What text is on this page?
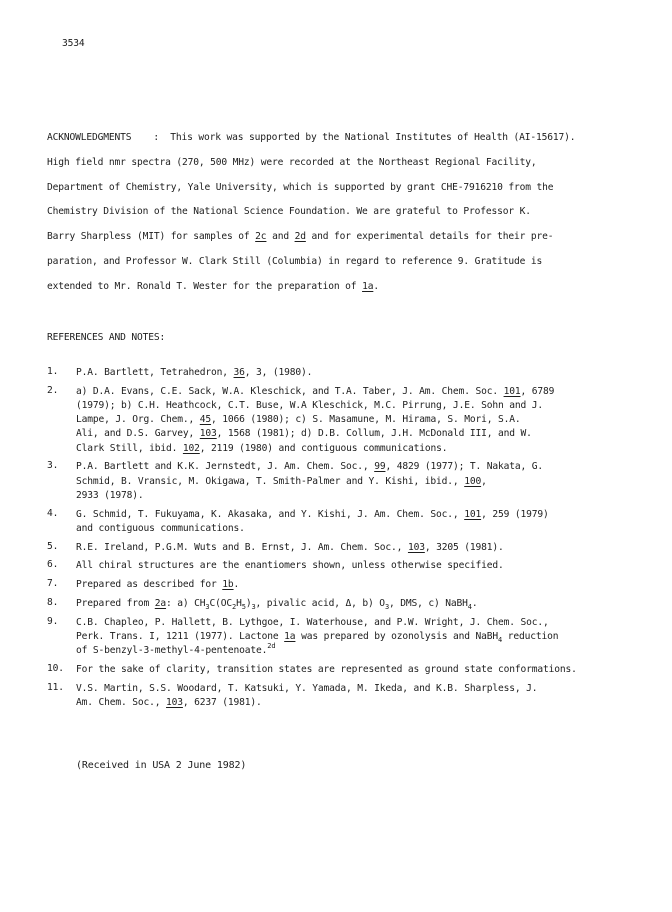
3534
ACKNOWLEDGMENTS : This work was supported by the National Institutes of Health (AI-15617).
High field nmr spectra (270, 500 MHz) were recorded at the Northeast Regional Facility,
Department of Chemistry, Yale University, which is supported by grant CHE-7916210 from the
Chemistry Division of the National Science Foundation. We are grateful to Professor K.
Barry Sharpless (MIT) for samples of 2c and 2d and for experimental details for their pre-
paration, and Professor W. Clark Still (Columbia) in regard to reference 9. Gratitude is
extended to Mr. Ronald T. Wester for the preparation of 1a.
REFERENCES AND NOTES:
1.	P.A. Bartlett, Tetrahedron, 36, 3, (1980).
2.	a) D.A. Evans, C.E. Sack, W.A. Kleschick, and T.A. Taber, J. Am. Chem. Soc. 101, 6789
(1979); b) C.H. Heathcock, C.T. Buse, W.A Kleschick, M.C. Pirrung, J.E. Sohn and J.
Lampe, J. Org. Chem., 45, 1066 (1980); c) S. Masamune, M. Hirama, S. Mori, S.A.
Ali, and D.S. Garvey, 103, 1568 (1981); d) D.B. Collum, J.H. McDonald III, and W.
Clark Still, ibid. 102, 2119 (1980) and contiguous communications.
3.	P.A. Bartlett and K.K. Jernstedt, J. Am. Chem. Soc., 99, 4829 (1977); T. Nakata, G.
Schmid, B. Vransic, M. Okigawa, T. Smith-Palmer and Y. Kishi, ibid., 100,
2933 (1978).
4.	G. Schmid, T. Fukuyama, K. Akasaka, and Y. Kishi, J. Am. Chem. Soc., 101, 259 (1979)
and contiguous communications.
5.	R.E. Ireland, P.G.M. Wuts and B. Ernst, J. Am. Chem. Soc., 103, 3205 (1981).
6.	All chiral structures are the enantiomers shown, unless otherwise specified.
7.	Prepared as described for 1b.
8.	Prepared from 2a: a) $CH_3C(OC_2H_5)_3$, pivalic acid, Δ, b) $O_3$, DMS, c) NaBH$_4$.
9.	C.B. Chapleo, P. Hallett, B. Lythgoe, I. Waterhouse, and P.W. Wright, J. Chem. Soc.,
Perk. Trans. I, 1211 (1977). Lactone 1a was prepared by ozonolysis and NaBH$_4$ reduction
of S-benzyl-3-methyl-4-pentenoate.$^{2d}$
10.	For the sake of clarity, transition states are represented as ground state conformations.
11.	V.S. Martin, S.S. Woodard, T. Katsuki, Y. Yamada, M. Ikeda, and K.B. Sharpless, J.
Am. Chem. Soc., 103, 6237 (1981).
(Received in USA 2 June 1982)
